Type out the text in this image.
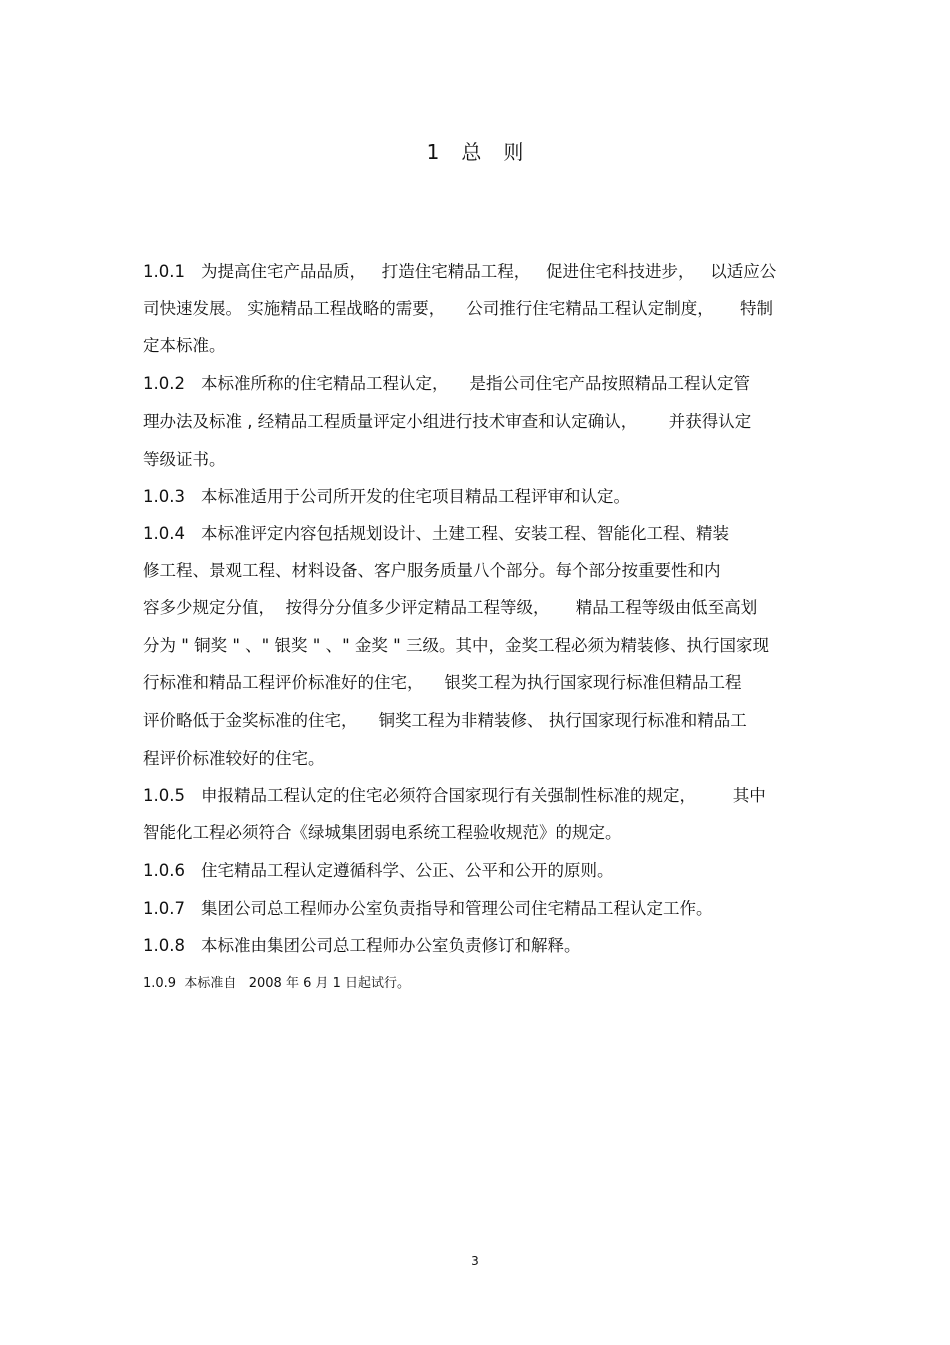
1 总 则
1.0.1 为提高住宅产品品质，   打造住宅精品工程，   促进住宅科技进步，   以适应公
司快速发展。 实施精品工程战略的需要，    公司推行住宅精品工程认定制度，     特制
定本标准。
1.0.2 本标准所称的住宅精品工程认定，    是指公司住宅产品按照精品工程认定管
理办法及标准 , 经精品工程质量评定小组进行技术审查和认定确认，      并获得认定
等级证书。
1.0.3 本标准适用于公司所开发的住宅项目精品工程评审和认定。
1.0.4 本标准评定内容包括规划设计、土建工程、安装工程、智能化工程、精装
修工程、景观工程、材料设备、客户服务质量八个部分。每个部分按重要性和内
容多少规定分值，  按得分分值多少评定精品工程等级，     精品工程等级由低至高划
分为 " 铜奖 " 、" 银奖 " 、" 金奖 " 三级。其中，金奖工程必须为精装修、执行国家现
行标准和精品工程评价标准好的住宅，    银奖工程为执行国家现行标准但精品工程
评价略低于金奖标准的住宅，    铜奖工程为非精装修、 执行国家现行标准和精品工
程评价标准较好的住宅。
1.0.5 申报精品工程认定的住宅必须符合国家现行有关强制性标准的规定，       其中
智能化工程必须符合《绿城集团弱电系统工程验收规范》的规定。
1.0.6 住宅精品工程认定遵循科学、公正、公平和公开的原则。
1.0.7 集团公司总工程师办公室负责指导和管理公司住宅精品工程认定工作。
1.0.8 本标准由集团公司总工程师办公室负责修订和解释。
1.0.9  本标准自   2008 年 6 月 1 日起试行。
3
